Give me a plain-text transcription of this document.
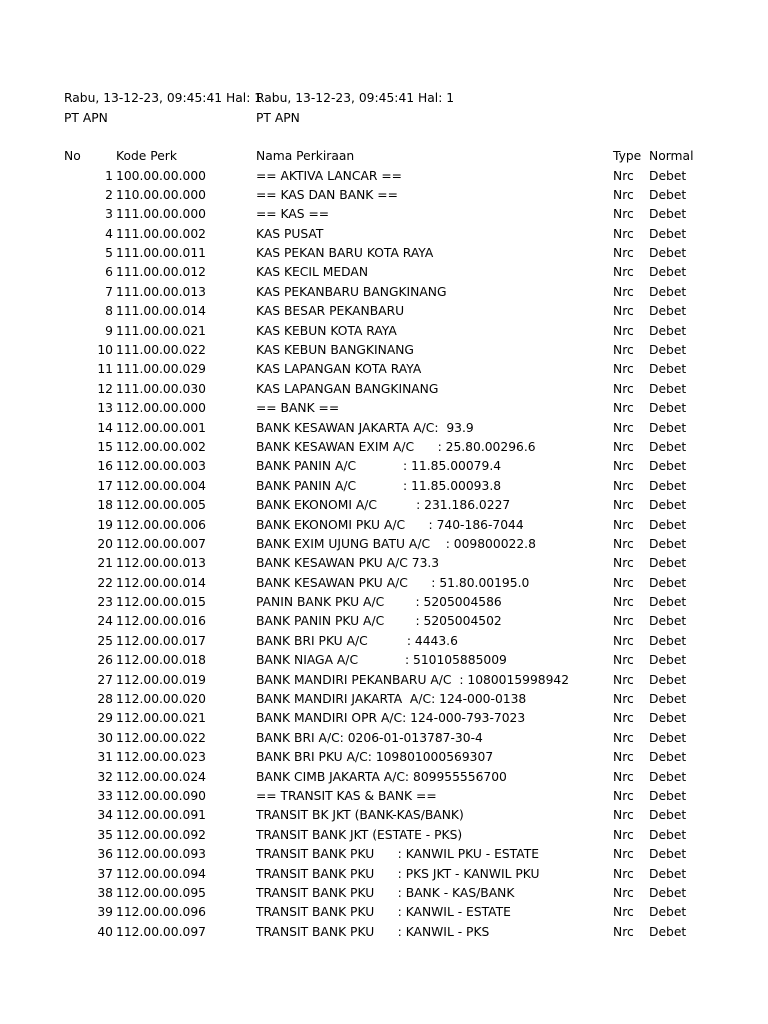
Rabu, 13-12-23, 09:45:41 Hal: 1
PT APN
Rabu, 13-12-23, 09:45:41 Hal: 1
PT APN
No	Kode Perk	Nama Perkiraan	Type Normal
1 100.00.00.000	== AKTIVA LANCAR ==	Nrc Debet
2 110.00.00.000	== KAS DAN BANK ==	Nrc Debet
3 111.00.00.000	== KAS ==	Nrc Debet
4 111.00.00.002	KAS PUSAT	Nrc Debet
5 111.00.00.011	KAS PEKAN BARU KOTA RAYA	Nrc Debet
6 111.00.00.012	KAS KECIL MEDAN	Nrc Debet
7 111.00.00.013	KAS PEKANBARU BANGKINANG	Nrc Debet
8 111.00.00.014	KAS BESAR PEKANBARU	Nrc Debet
9 111.00.00.021	KAS KEBUN KOTA RAYA	Nrc Debet
10 111.00.00.022	KAS KEBUN BANGKINANG	Nrc Debet
11 111.00.00.029	KAS LAPANGAN KOTA RAYA	Nrc Debet
12 111.00.00.030	KAS LAPANGAN BANGKINANG	Nrc Debet
13 112.00.00.000	== BANK ==	Nrc Debet
14 112.00.00.001	BANK KESAWAN JAKARTA A/C:  93.9	Nrc Debet
15 112.00.00.002	BANK KESAWAN EXIM A/C      : 25.80.00296.6	Nrc Debet
16 112.00.00.003	BANK PANIN A/C            : 11.85.00079.4	Nrc Debet
17 112.00.00.004	BANK PANIN A/C            : 11.85.00093.8	Nrc Debet
18 112.00.00.005	BANK EKONOMI A/C          : 231.186.0227	Nrc Debet
19 112.00.00.006	BANK EKONOMI PKU A/C      : 740-186-7044	Nrc Debet
20 112.00.00.007	BANK EXIM UJUNG BATU A/C    : 009800022.8	Nrc Debet
21 112.00.00.013	BANK KESAWAN PKU A/C 73.3	Nrc Debet
22 112.00.00.014	BANK KESAWAN PKU A/C      : 51.80.00195.0	Nrc Debet
23 112.00.00.015	PANIN BANK PKU A/C        : 5205004586	Nrc Debet
24 112.00.00.016	BANK PANIN PKU A/C        : 5205004502	Nrc Debet
25 112.00.00.017	BANK BRI PKU A/C          : 4443.6	Nrc Debet
26 112.00.00.018	BANK NIAGA A/C            : 510105885009	Nrc Debet
27 112.00.00.019	BANK MANDIRI PEKANBARU A/C  : 1080015998942	Nrc Debet
28 112.00.00.020	BANK MANDIRI JAKARTA  A/C: 124-000-0138	Nrc Debet
29 112.00.00.021	BANK MANDIRI OPR A/C: 124-000-793-7023	Nrc Debet
30 112.00.00.022	BANK BRI A/C: 0206-01-013787-30-4	Nrc Debet
31 112.00.00.023	BANK BRI PKU A/C: 109801000569307	Nrc Debet
32 112.00.00.024	BANK CIMB JAKARTA A/C: 809955556700	Nrc Debet
33 112.00.00.090	== TRANSIT KAS & BANK ==	Nrc Debet
34 112.00.00.091	TRANSIT BK JKT (BANK-KAS/BANK)	Nrc Debet
35 112.00.00.092	TRANSIT BANK JKT (ESTATE - PKS)	Nrc Debet
36 112.00.00.093	TRANSIT BANK PKU      : KANWIL PKU - ESTATE	Nrc Debet
37 112.00.00.094	TRANSIT BANK PKU      : PKS JKT - KANWIL PKU	Nrc Debet
38 112.00.00.095	TRANSIT BANK PKU      : BANK - KAS/BANK	Nrc Debet
39 112.00.00.096	TRANSIT BANK PKU      : KANWIL - ESTATE	Nrc Debet
40 112.00.00.097	TRANSIT BANK PKU      : KANWIL - PKS	Nrc Debet
